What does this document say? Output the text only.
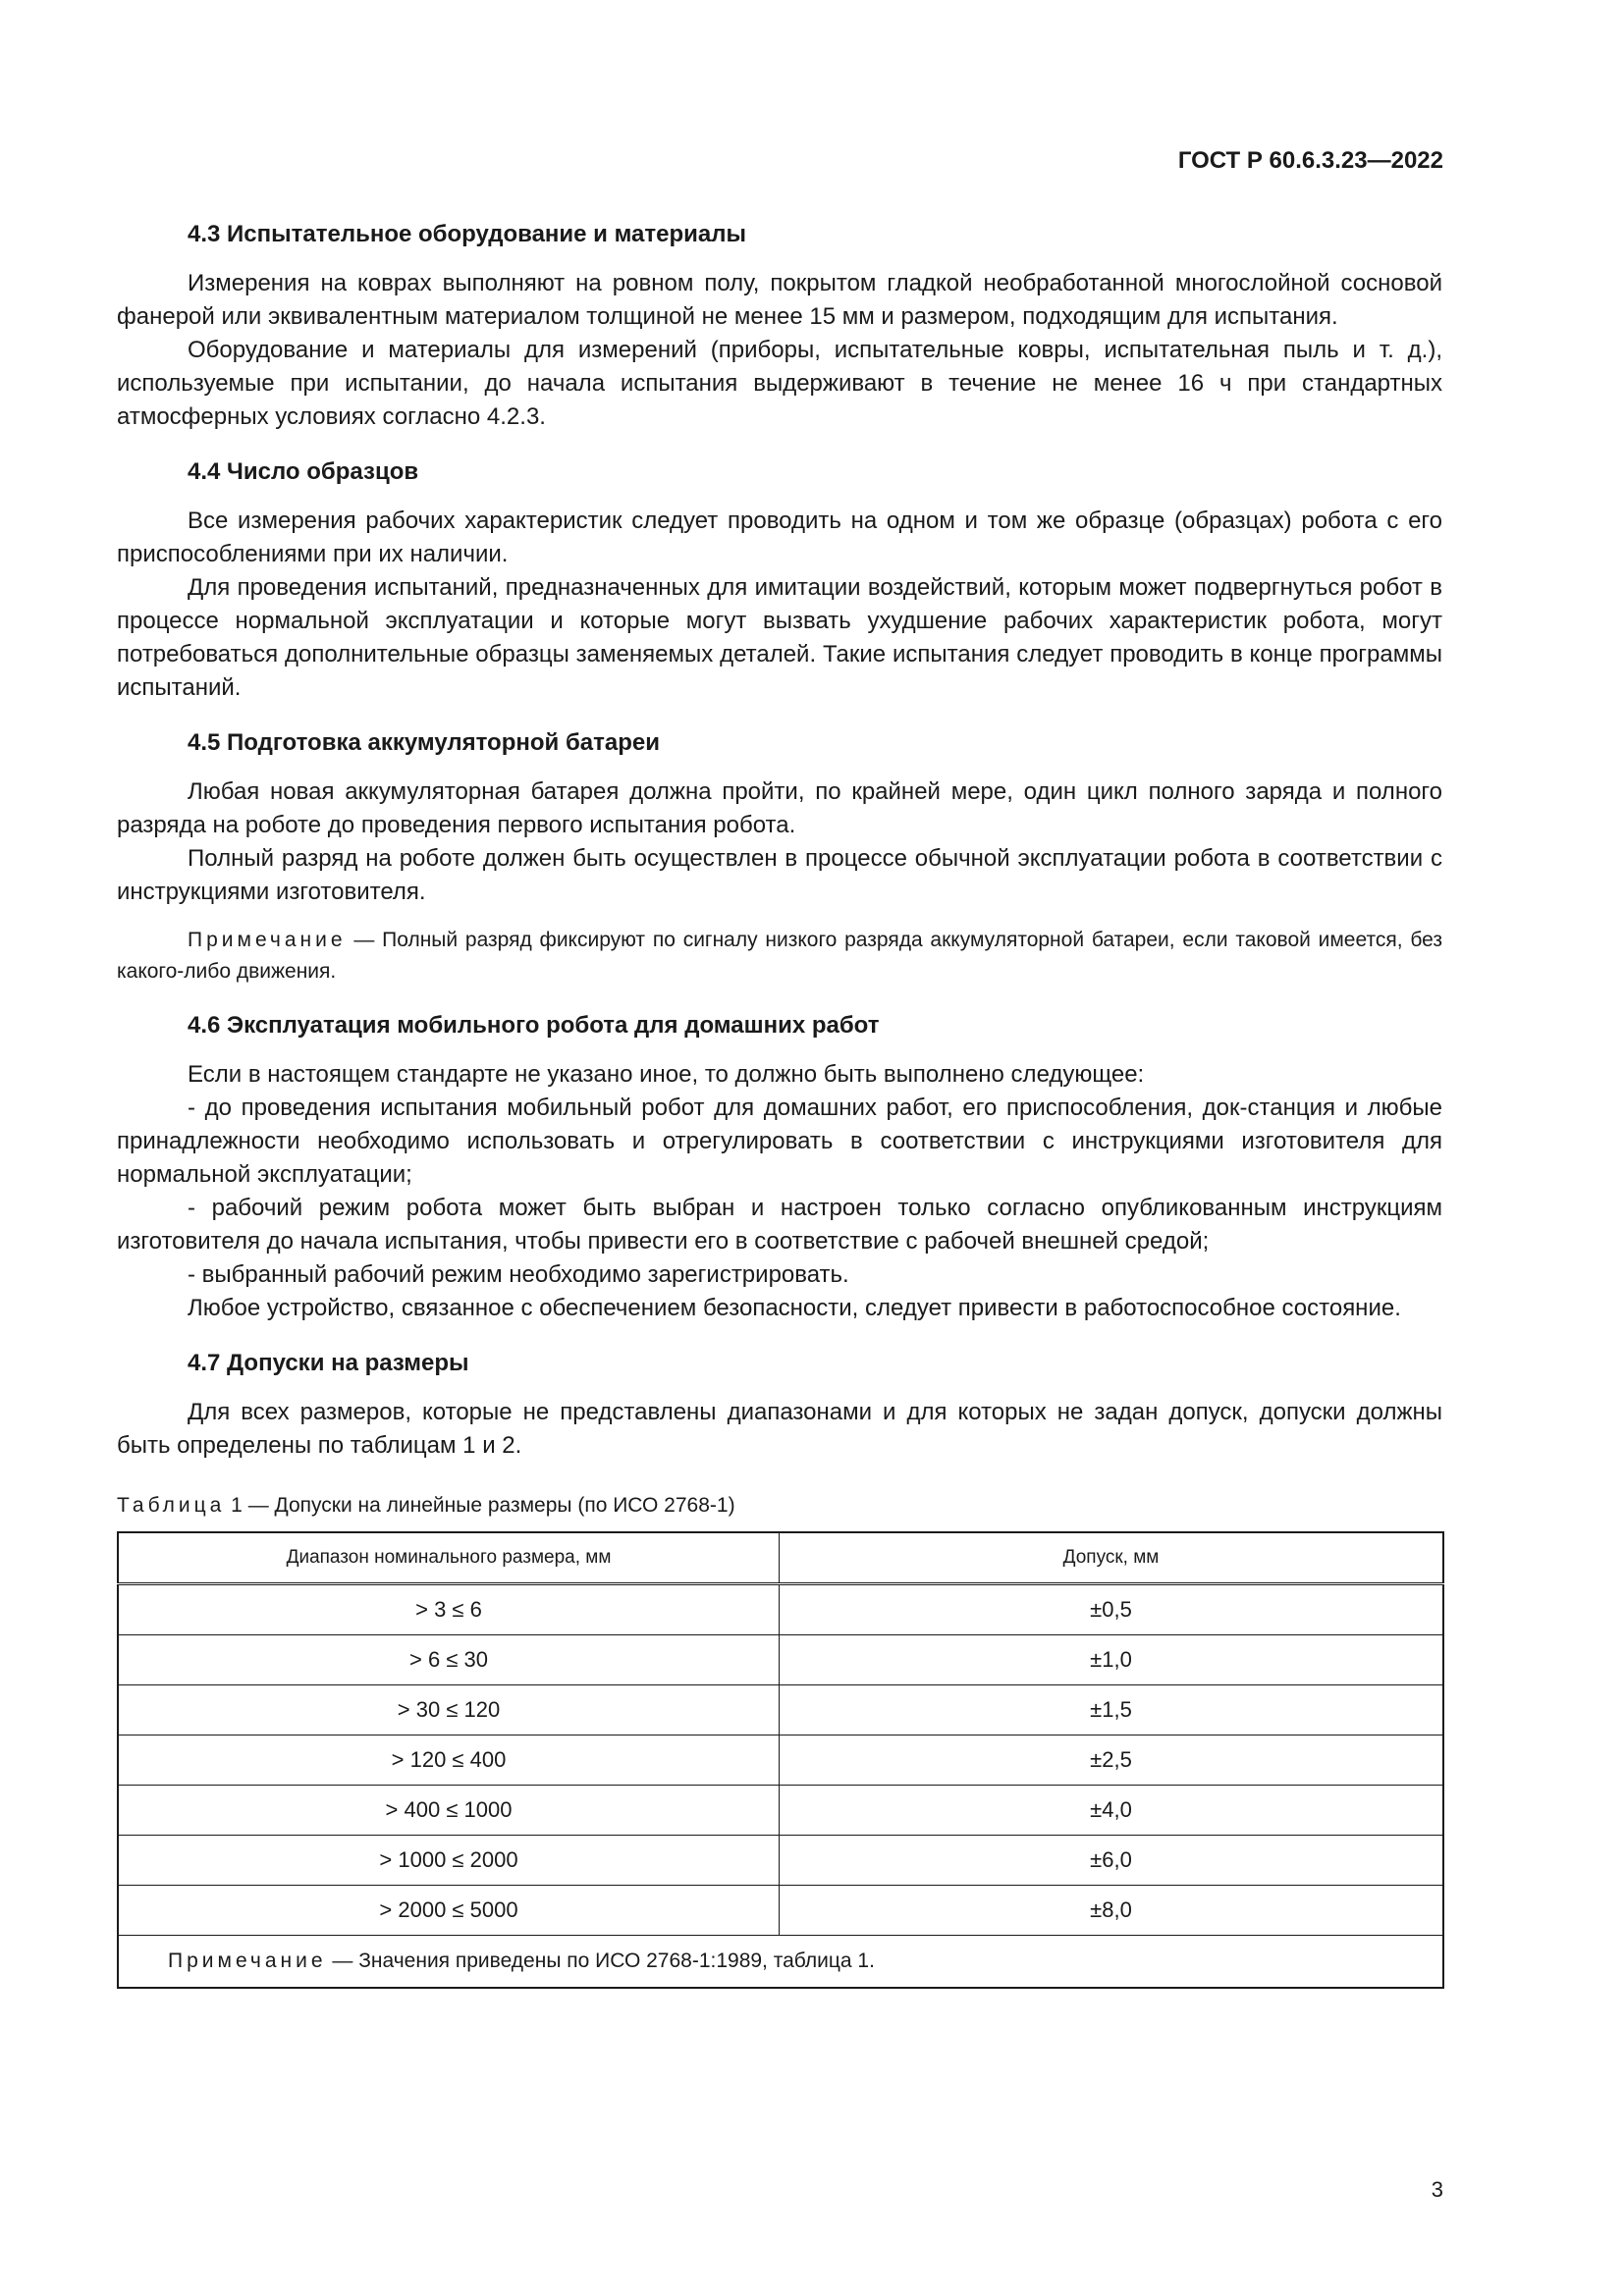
ГОСТ Р 60.6.3.23—2022
4.3 Испытательное оборудование и материалы

Измерения на коврах выполняют на ровном полу, покрытом гладкой необработанной многослойной сосновой фанерой или эквивалентным материалом толщиной не менее 15 мм и размером, подходящим для испытания.

Оборудование и материалы для измерений (приборы, испытательные ковры, испытательная пыль и т. д.), используемые при испытании, до начала испытания выдерживают в течение не менее 16 ч при стандартных атмосферных условиях согласно 4.2.3.

4.4 Число образцов

Все измерения рабочих характеристик следует проводить на одном и том же образце (образцах) робота с его приспособлениями при их наличии.

Для проведения испытаний, предназначенных для имитации воздействий, которым может подвергнуться робот в процессе нормальной эксплуатации и которые могут вызвать ухудшение рабочих характеристик робота, могут потребоваться дополнительные образцы заменяемых деталей. Такие испытания следует проводить в конце программы испытаний.

4.5 Подготовка аккумуляторной батареи

Любая новая аккумуляторная батарея должна пройти, по крайней мере, один цикл полного заряда и полного разряда на роботе до проведения первого испытания робота.

Полный разряд на роботе должен быть осуществлен в процессе обычной эксплуатации робота в соответствии с инструкциями изготовителя.

Примечание — Полный разряд фиксируют по сигналу низкого разряда аккумуляторной батареи, если таковой имеется, без какого-либо движения.
4.6 Эксплуатация мобильного робота для домашних работ

Если в настоящем стандарте не указано иное, то должно быть выполнено следующее:

- до проведения испытания мобильный робот для домашних работ, его приспособления, док-станция и любые принадлежности необходимо использовать и отрегулировать в соответствии с инструкциями изготовителя для нормальной эксплуатации;

- рабочий режим робота может быть выбран и настроен только согласно опубликованным инструкциям изготовителя до начала испытания, чтобы привести его в соответствие с рабочей внешней средой;

- выбранный рабочий режим необходимо зарегистрировать.

Любое устройство, связанное с обеспечением безопасности, следует привести в работоспособное состояние.

4.7 Допуски на размеры

Для всех размеров, которые не представлены диапазонами и для которых не задан допуск, допуски должны быть определены по таблицам 1 и 2.

Таблица 1 — Допуски на линейные размеры (по ИСО 2768-1)
Диапазон номинального размера, мм	Допуск, мм
> 3 ≤ 6	±0,5
> 6 ≤ 30	±1,0
> 30 ≤ 120	±1,5
> 120 ≤ 400	±2,5
> 400 ≤ 1000	±4,0
> 1000 ≤ 2000	±6,0
> 2000 ≤ 5000	±8,0
Примечание — Значения приведены по ИСО 2768-1:1989, таблица 1.	
3
